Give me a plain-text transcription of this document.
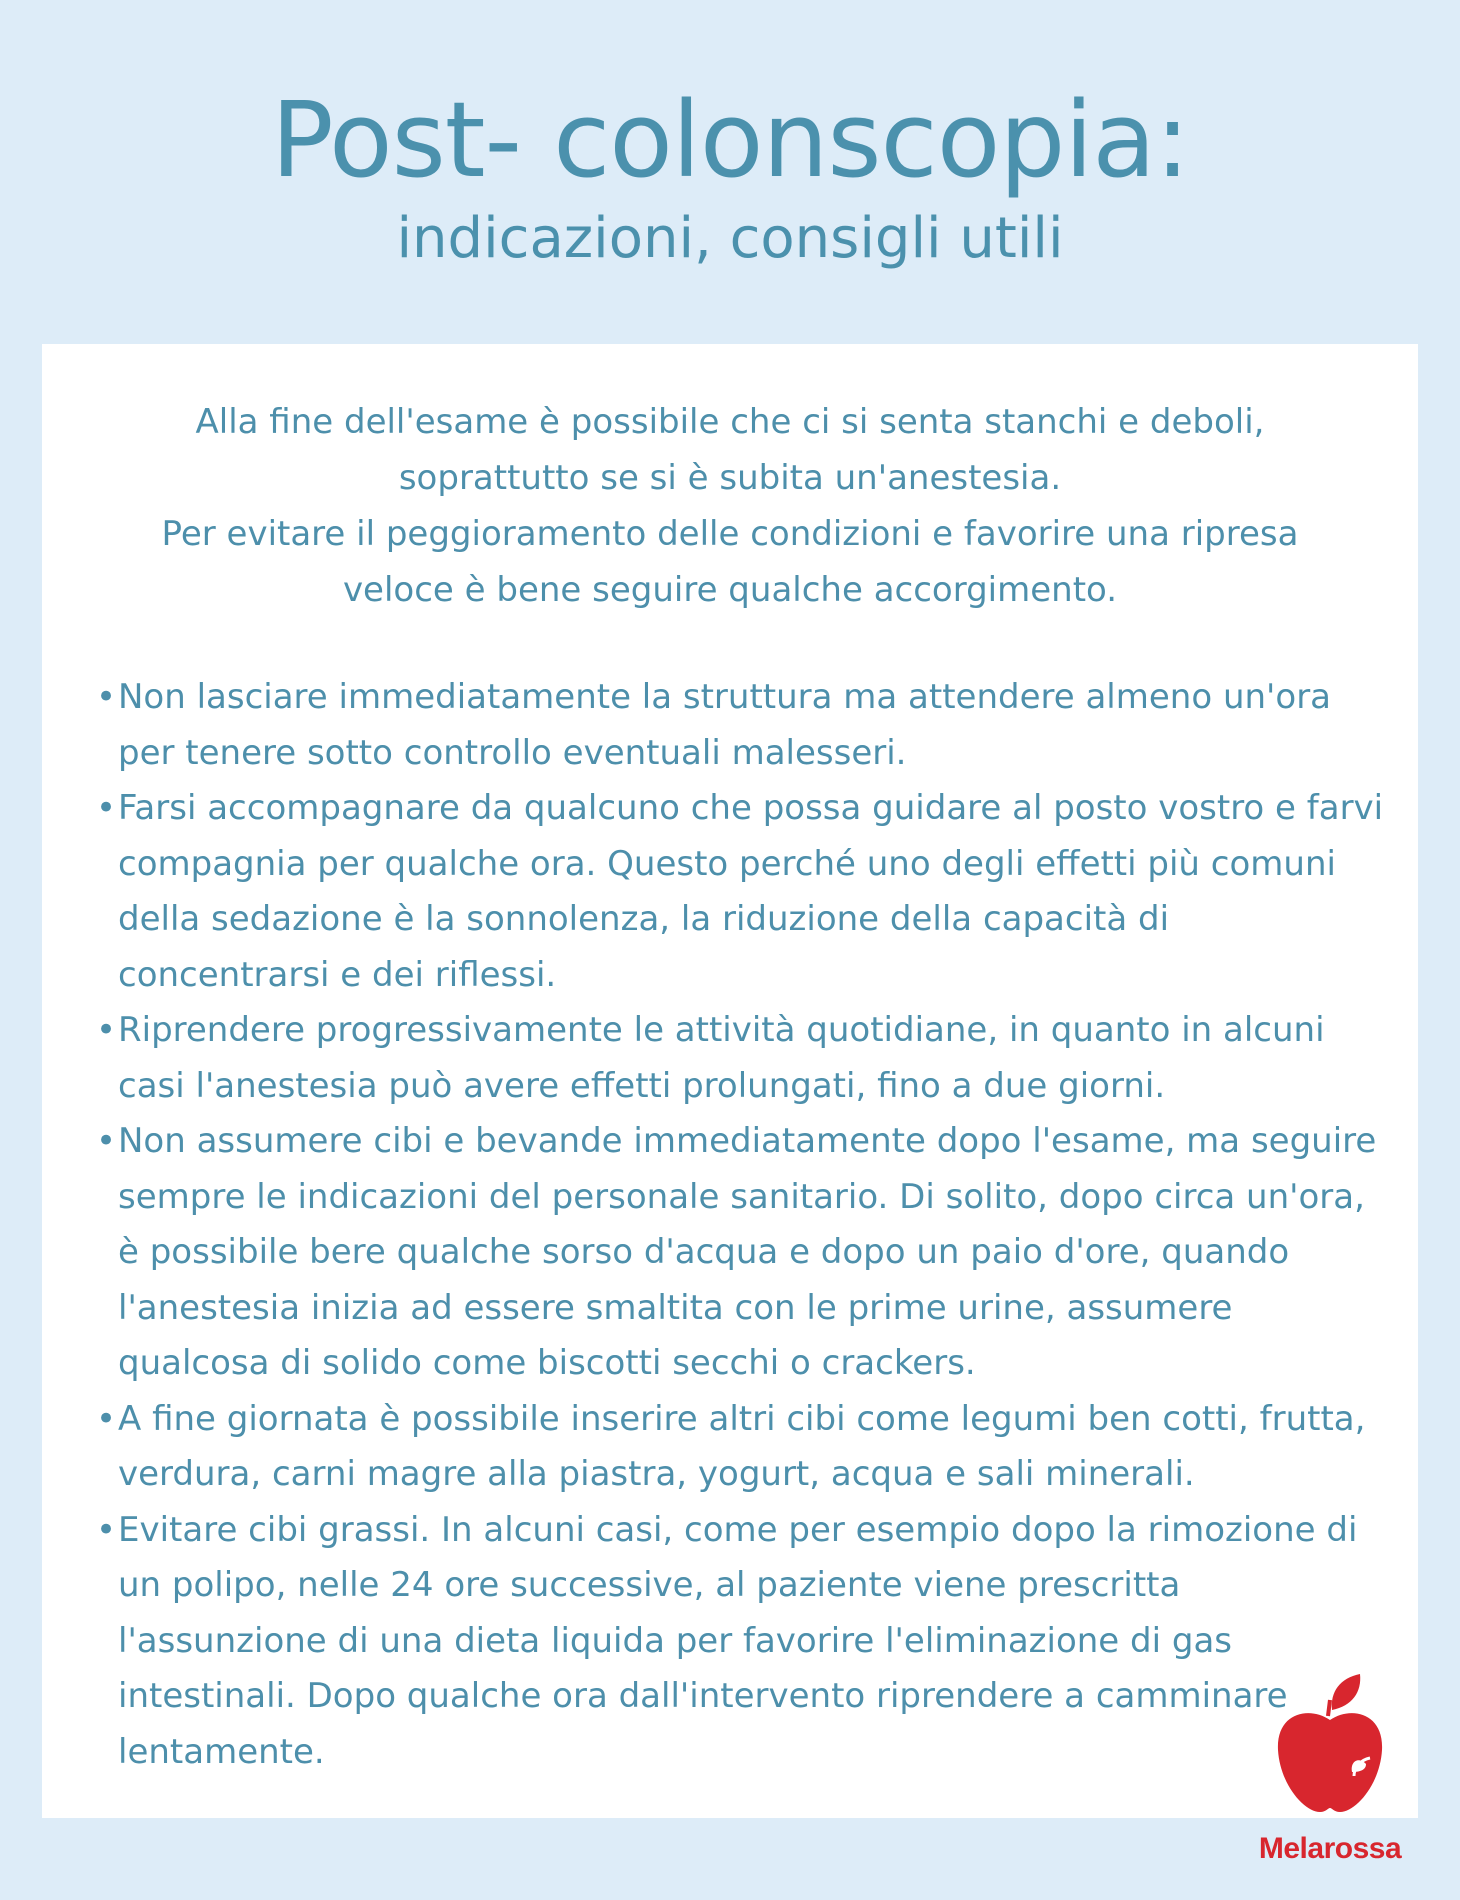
Post- colonscopia:
indicazioni, consigli utili

Alla fine dell'esame è possibile che ci si senta stanchi e deboli,

soprattutto se si è subita un'anestesia.

Per evitare il peggioramento delle condizioni e favorire una ripresa

veloce è bene seguire qualche accorgimento.

• Non lasciare immediatamente la struttura ma attendere almeno un'ora per tenere sotto controllo eventuali malesseri.
• Farsi accompagnare da qualcuno che possa guidare al posto vostro e farvi compagnia per qualche ora. Questo perché uno degli effetti più comuni della sedazione è la sonnolenza, la riduzione della capacità di concentrarsi e dei riflessi.
• Riprendere progressivamente le attività quotidiane, in quanto in alcuni casi l'anestesia può avere effetti prolungati, fino a due giorni.
• Non assumere cibi e bevande immediatamente dopo l'esame, ma seguire sempre le indicazioni del personale sanitario. Di solito, dopo circa un'ora, è possibile bere qualche sorso d'acqua e dopo un paio d'ore, quando l'anestesia inizia ad essere smaltita con le prime urine, assumere qualcosa di solido come biscotti secchi o crackers.
• A fine giornata è possibile inserire altri cibi come legumi ben cotti, frutta, verdura, carni magre alla piastra, yogurt, acqua e sali minerali.
• Evitare cibi grassi. In alcuni casi, come per esempio dopo la rimozione di un polipo, nelle 24 ore successive, al paziente viene prescritta l'assunzione di una dieta liquida per favorire l'eliminazione di gas intestinali. Dopo qualche ora dall'intervento riprendere a camminare lentamente.
Melarossa
